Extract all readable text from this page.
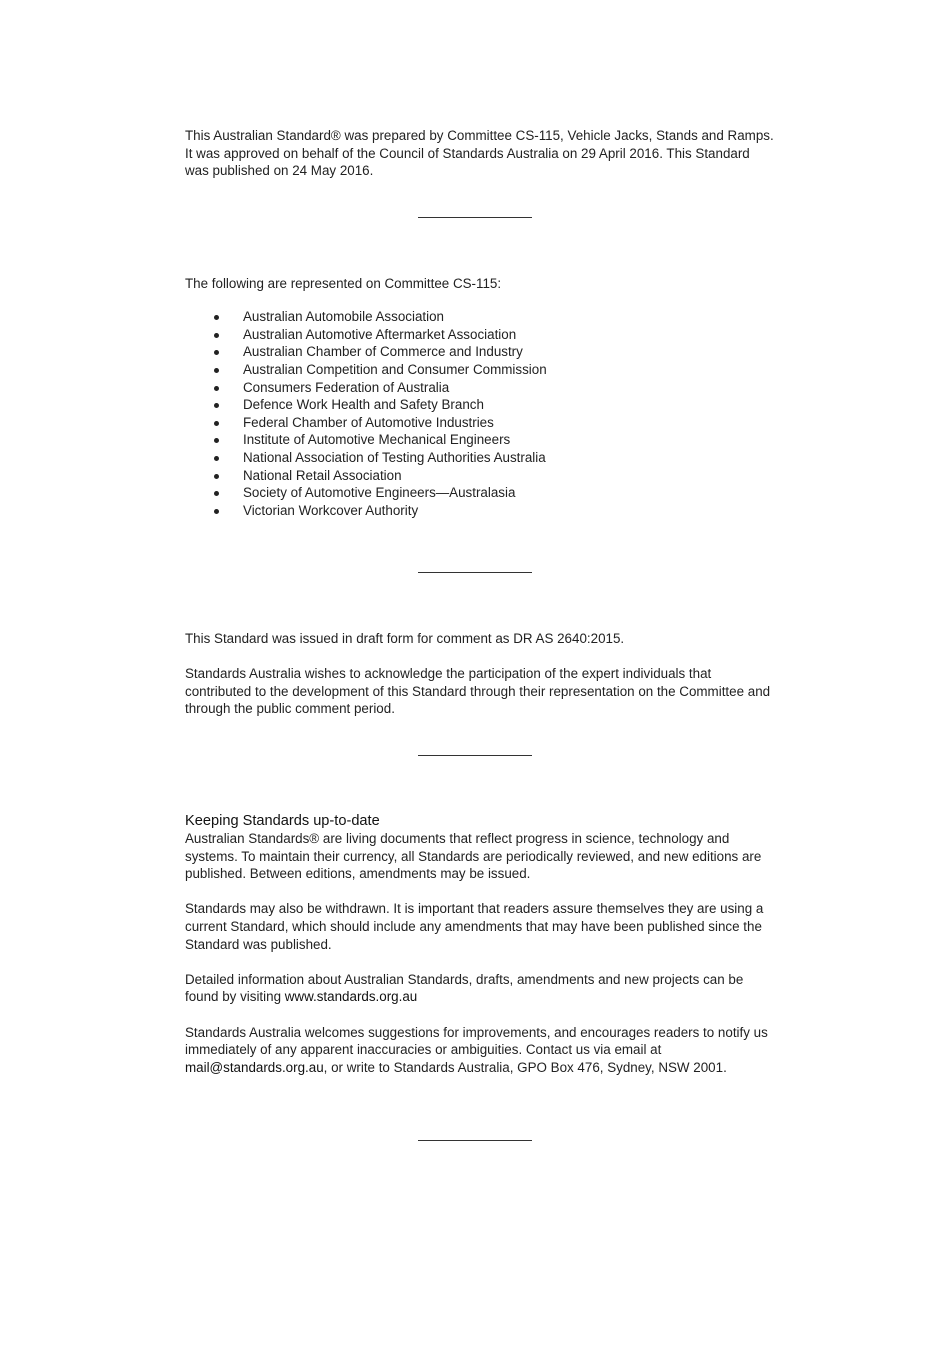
This Australian Standard® was prepared by Committee CS-115, Vehicle Jacks, Stands and Ramps. It was approved on behalf of the Council of Standards Australia on 29 April 2016. This Standard was published on 24 May 2016.

The following are represented on Committee CS-115:

Australian Automobile Association
Australian Automotive Aftermarket Association
Australian Chamber of Commerce and Industry
Australian Competition and Consumer Commission
Consumers Federation of Australia
Defence Work Health and Safety Branch
Federal Chamber of Automotive Industries
Institute of Automotive Mechanical Engineers
National Association of Testing Authorities Australia
National Retail Association
Society of Automotive Engineers—Australasia
Victorian Workcover Authority

This Standard was issued in draft form for comment as DR AS 2640:2015.

Standards Australia wishes to acknowledge the participation of the expert individuals that contributed to the development of this Standard through their representation on the Committee and through the public comment period.

Keeping Standards up-to-date

Australian Standards® are living documents that reflect progress in science, technology and systems. To maintain their currency, all Standards are periodically reviewed, and new editions are published. Between editions, amendments may be issued.

Standards may also be withdrawn. It is important that readers assure themselves they are using a current Standard, which should include any amendments that may have been published since the Standard was published.

Detailed information about Australian Standards, drafts, amendments and new projects can be found by visiting www.standards.org.au

Standards Australia welcomes suggestions for improvements, and encourages readers to notify us immediately of any apparent inaccuracies or ambiguities. Contact us via email at mail@standards.org.au, or write to Standards Australia, GPO Box 476, Sydney, NSW 2001.
